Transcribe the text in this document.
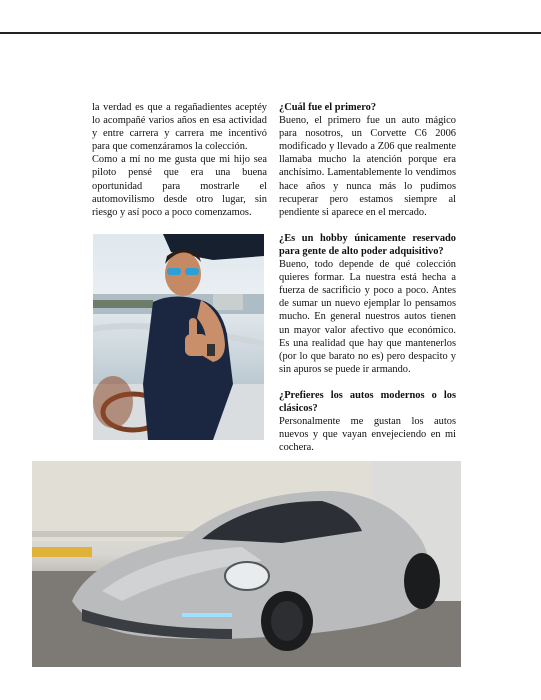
la verdad es que a regañadientes aceptéy lo acompañé varios años en esa actividad y entre carrera y carrera me incentivó para que comenzáramos la colección.

Como a mí no me gusta que mi hijo sea piloto pensé que era una buena oportunidad para mostrarle el automovilismo desde otro lugar, sin riesgo y así poco a poco comenzamos.

¿Cuál fue el primero?

Bueno, el primero fue un auto mágico para nosotros, un Corvette C6 2006 modificado y llevado a Z06 que realmente llamaba mucho la atención porque era anchísimo. Lamentablemente lo vendimos hace años y nunca más lo pudimos recuperar pero estamos siempre al pendiente si aparece en el mercado.

¿Es un hobby únicamente reservado para gente de alto poder adquisitivo?

Bueno, todo depende de qué colección quieres formar. La nuestra está hecha a fuerza de sacrificio y poco a poco. Antes de sumar un nuevo ejemplar lo pensamos mucho. En general nuestros autos tienen un mayor valor afectivo que económico. Es una realidad que hay que mantenerlos (por lo que barato no es) pero despacito y sin apuros se puede ir armando.

¿Prefieres los autos modernos o los clásicos?

Personalmente me gustan los autos nuevos y que vayan envejeciendo en mi cochera.
